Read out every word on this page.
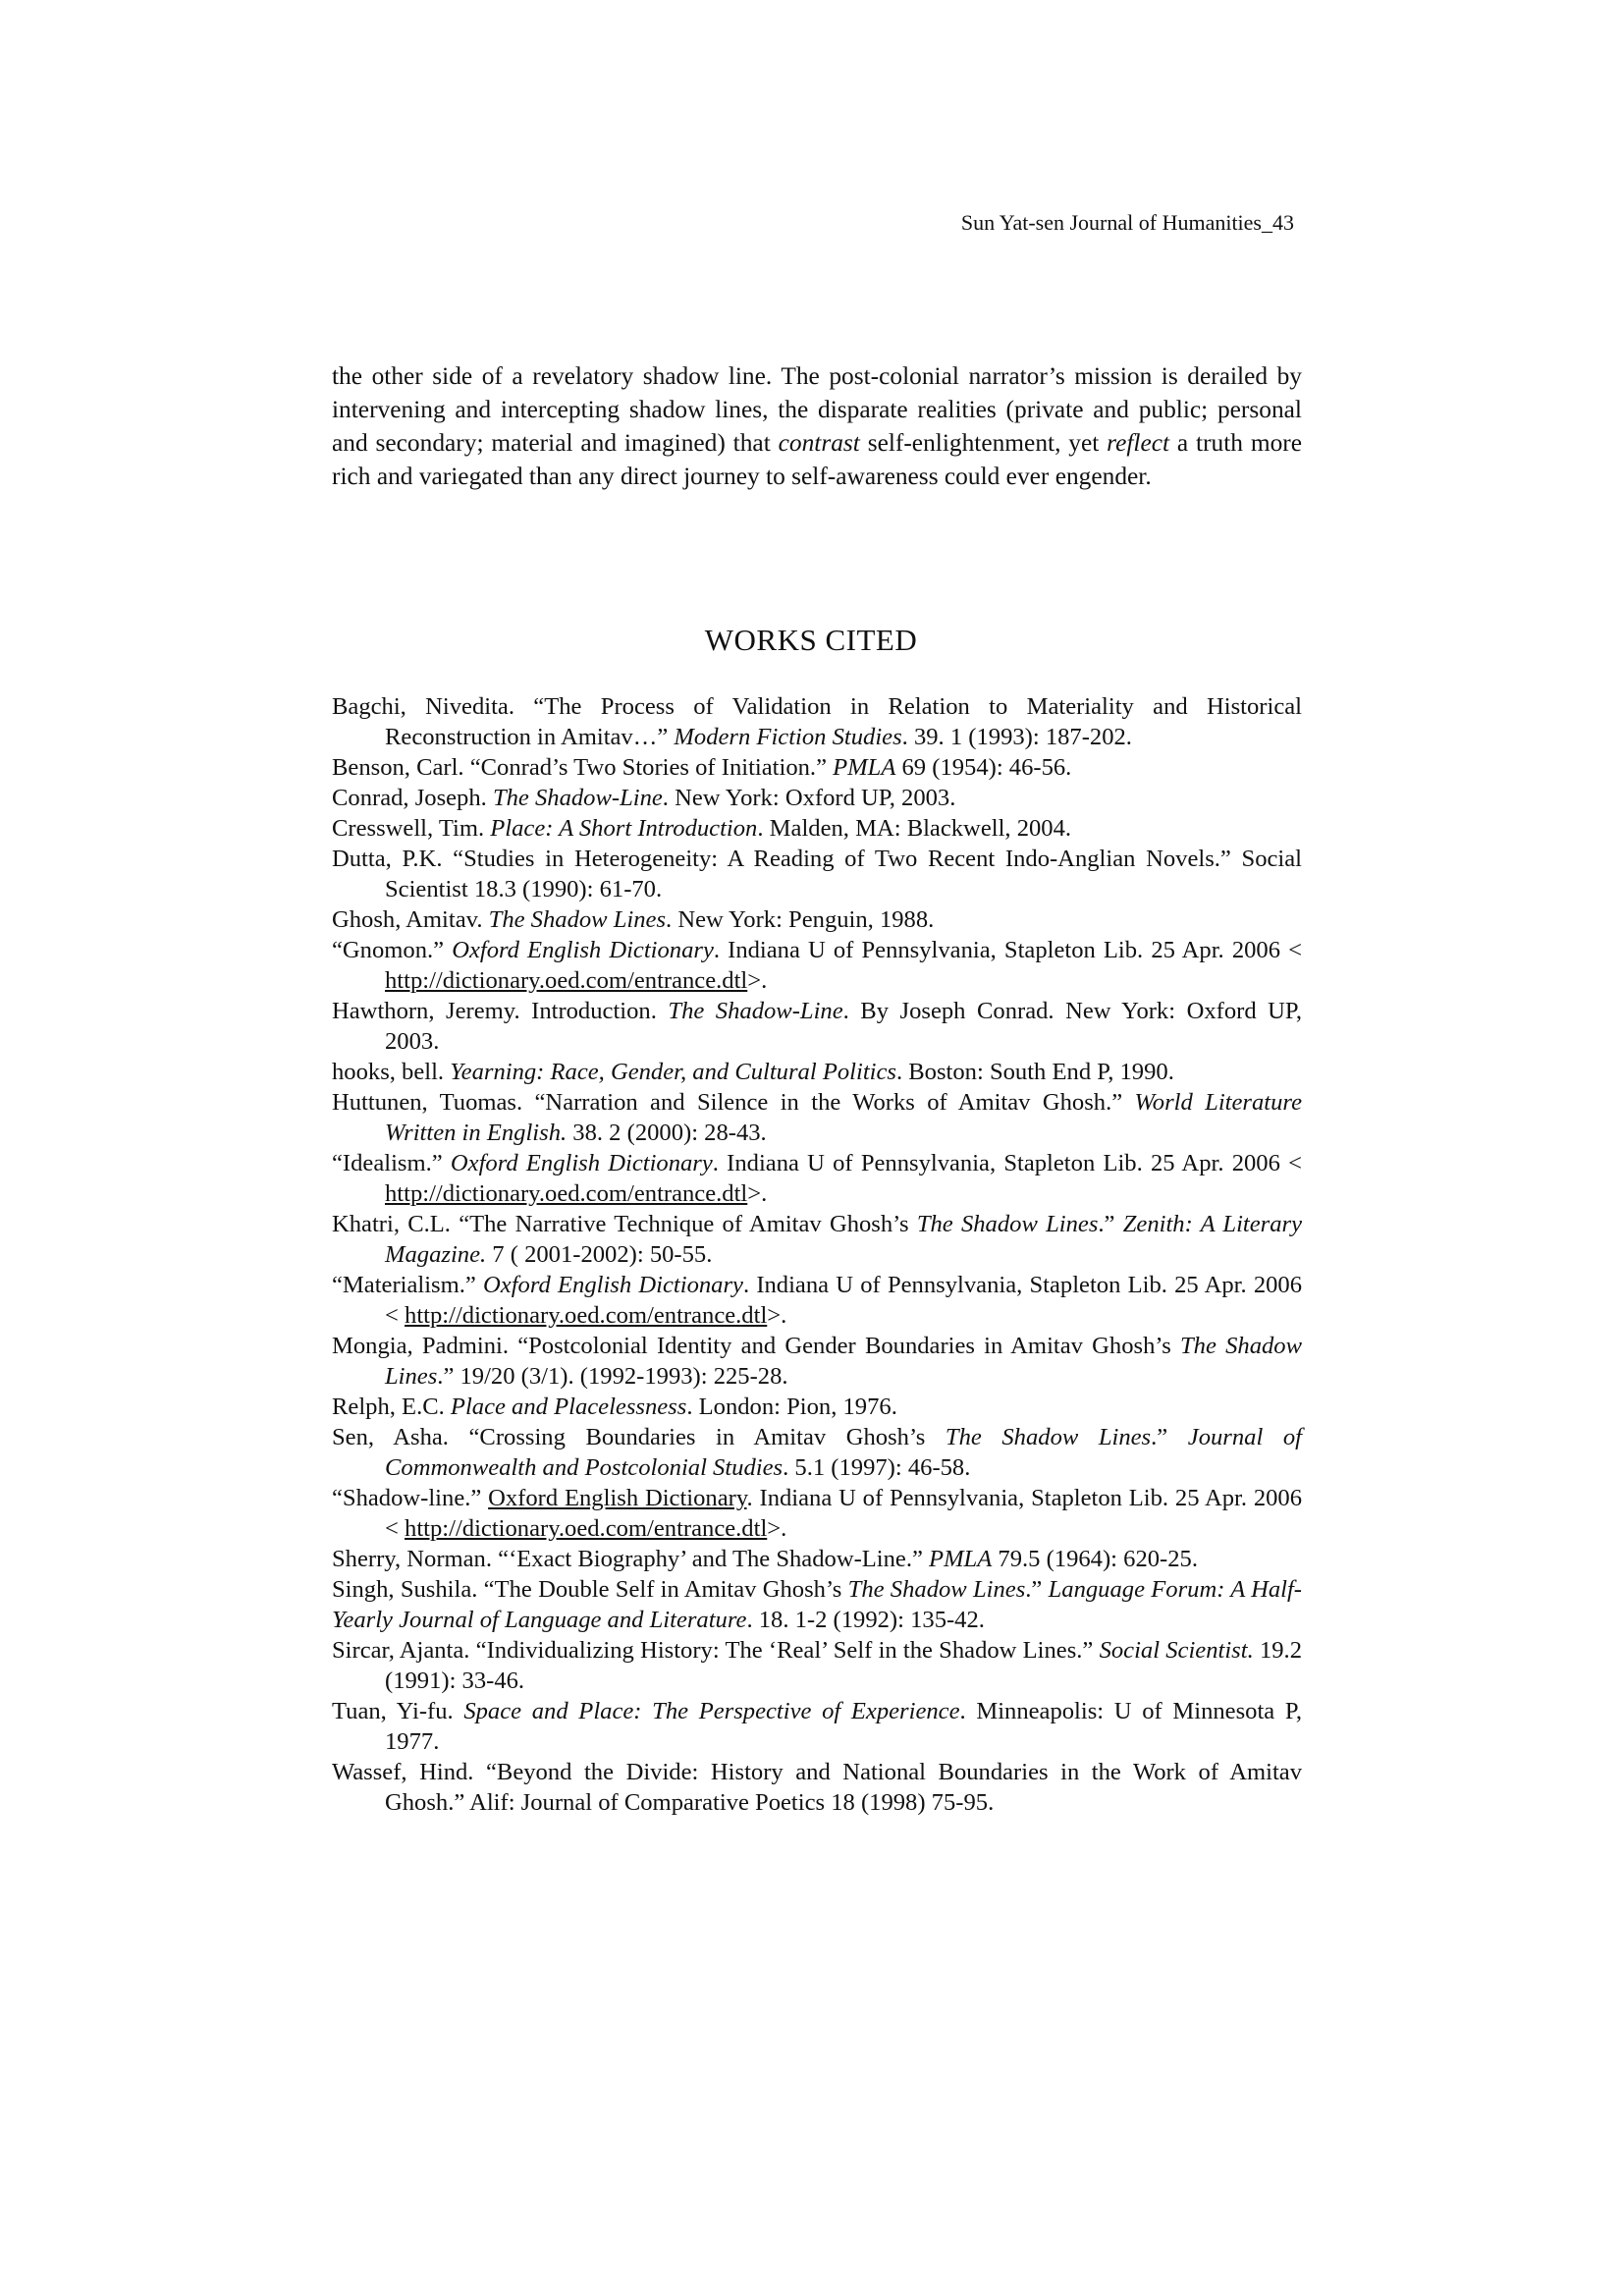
Sun Yat-sen Journal of Humanities_43

the other side of a revelatory shadow line. The post-colonial narrator’s mission is derailed by intervening and intercepting shadow lines, the disparate realities (private and public; personal and secondary; material and imagined) that contrast self-enlightenment, yet reflect a truth more rich and variegated than any direct journey to self-awareness could ever engender.

WORKS CITED
Bagchi, Nivedita. “The Process of Validation in Relation to Materiality and Historical Reconstruction in Amitav…” Modern Fiction Studies. 39. 1 (1993): 187-202.
Benson, Carl. “Conrad’s Two Stories of Initiation.” PMLA 69 (1954): 46-56.
Conrad, Joseph. The Shadow-Line. New York: Oxford UP, 2003.
Cresswell, Tim. Place: A Short Introduction. Malden, MA: Blackwell, 2004.
Dutta, P.K. “Studies in Heterogeneity: A Reading of Two Recent Indo-Anglian Novels.” Social Scientist 18.3 (1990): 61-70.
Ghosh, Amitav. The Shadow Lines. New York: Penguin, 1988.
“Gnomon.” Oxford English Dictionary. Indiana U of Pennsylvania, Stapleton Lib. 25 Apr. 2006 < http://dictionary.oed.com/entrance.dtl>.
Hawthorn, Jeremy. Introduction. The Shadow-Line. By Joseph Conrad. New York: Oxford UP, 2003.
hooks, bell. Yearning: Race, Gender, and Cultural Politics. Boston: South End P, 1990.
Huttunen, Tuomas. “Narration and Silence in the Works of Amitav Ghosh.” World Literature Written in English. 38. 2 (2000): 28-43.
“Idealism.” Oxford English Dictionary. Indiana U of Pennsylvania, Stapleton Lib. 25 Apr. 2006 < http://dictionary.oed.com/entrance.dtl>.
Khatri, C.L. “The Narrative Technique of Amitav Ghosh’s The Shadow Lines.” Zenith: A Literary Magazine. 7 ( 2001-2002): 50-55.
“Materialism.” Oxford English Dictionary. Indiana U of Pennsylvania, Stapleton Lib. 25 Apr. 2006 < http://dictionary.oed.com/entrance.dtl>.
Mongia, Padmini. “Postcolonial Identity and Gender Boundaries in Amitav Ghosh’s The Shadow Lines.” 19/20 (3/1). (1992-1993): 225-28.
Relph, E.C. Place and Placelessness. London: Pion, 1976.
Sen, Asha. “Crossing Boundaries in Amitav Ghosh’s The Shadow Lines.” Journal of Commonwealth and Postcolonial Studies. 5.1 (1997): 46-58.
“Shadow-line.” Oxford English Dictionary. Indiana U of Pennsylvania, Stapleton Lib. 25 Apr. 2006 < http://dictionary.oed.com/entrance.dtl>.
Sherry, Norman. “‘Exact Biography’ and The Shadow-Line.” PMLA 79.5 (1964): 620-25.
Singh, Sushila. “The Double Self in Amitav Ghosh’s The Shadow Lines.” Language Forum: A Half-Yearly Journal of Language and Literature. 18. 1-2 (1992): 135-42.
Sircar, Ajanta. “Individualizing History: The ‘Real’ Self in the Shadow Lines.” Social Scientist. 19.2 (1991): 33-46.
Tuan, Yi-fu. Space and Place: The Perspective of Experience. Minneapolis: U of Minnesota P, 1977.
Wassef, Hind. “Beyond the Divide: History and National Boundaries in the Work of Amitav Ghosh.” Alif: Journal of Comparative Poetics 18 (1998) 75-95.
